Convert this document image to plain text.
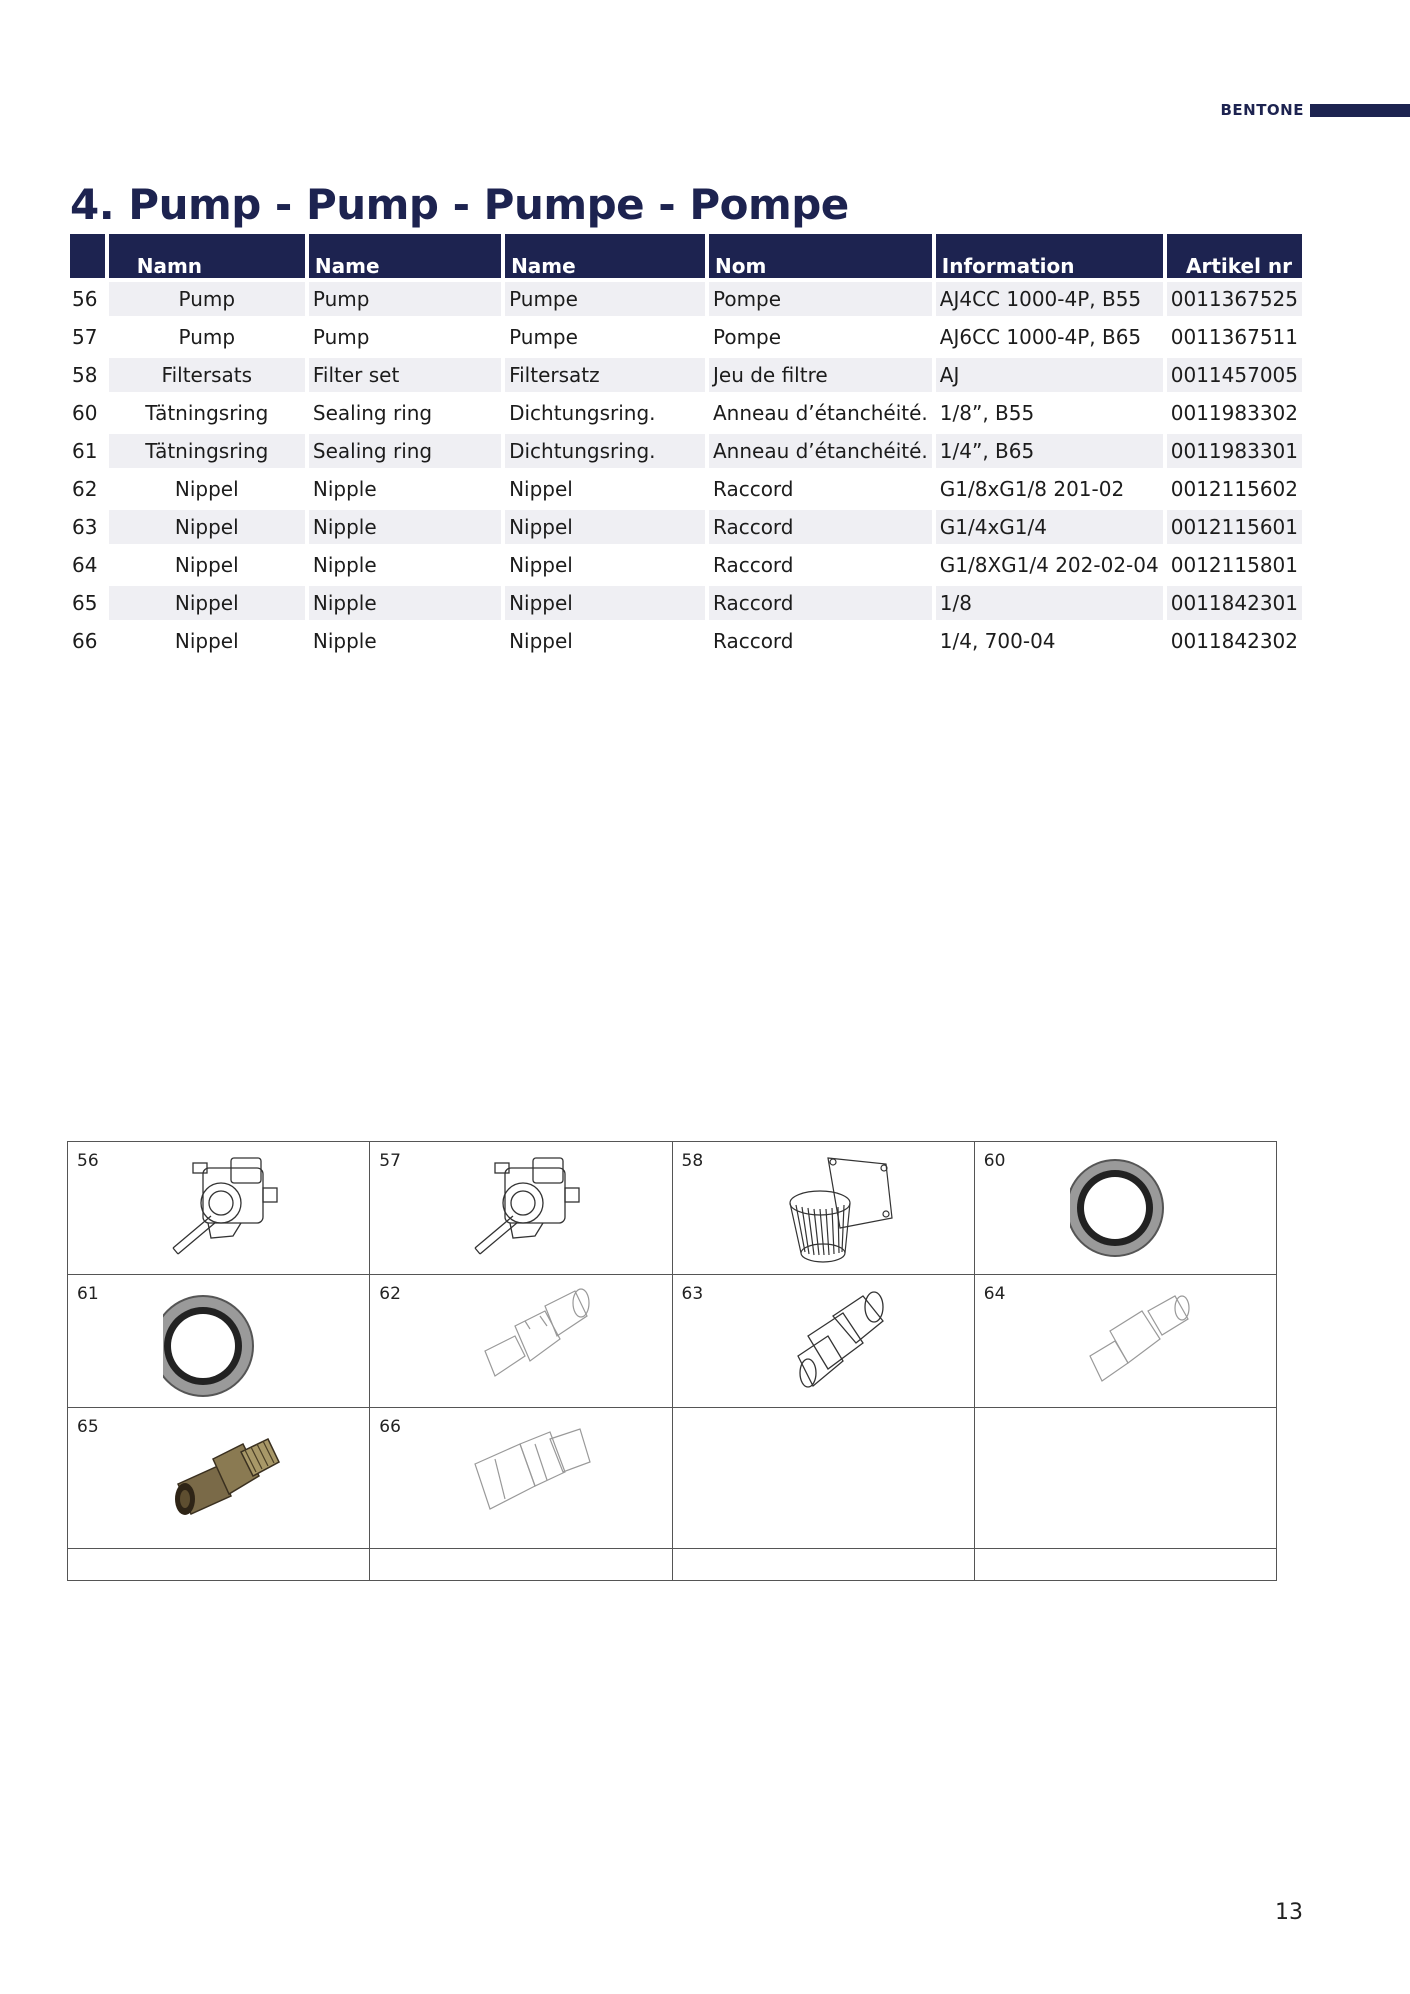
BENTONE
4. Pump - Pump - Pumpe - Pompe
	Namn	Name	Name	Nom	Information	Artikel nr
56	Pump	Pump	Pumpe	Pompe	AJ4CC 1000-4P, B55	0011367525
57	Pump	Pump	Pumpe	Pompe	AJ6CC 1000-4P, B65	0011367511
58	Filtersats	Filter set	Filtersatz	Jeu de filtre	AJ	0011457005
60	Tätningsring	Sealing ring	Dichtungsring.	Anneau d’étanchéité.	1/8”, B55	0011983302
61	Tätningsring	Sealing ring	Dichtungsring.	Anneau d’étanchéité.	1/4”, B65	0011983301
62	Nippel	Nipple	Nippel	Raccord	G1/8xG1/8 201-02	0012115602
63	Nippel	Nipple	Nippel	Raccord	G1/4xG1/4	0012115601
64	Nippel	Nipple	Nippel	Raccord	G1/8XG1/4 202-02-04	0012115801
65	Nippel	Nipple	Nippel	Raccord	1/8	0011842301
66	Nippel	Nipple	Nippel	Raccord	1/4, 700-04	0011842302
56	57	58	60

61	62	63	64

65	66		

13
